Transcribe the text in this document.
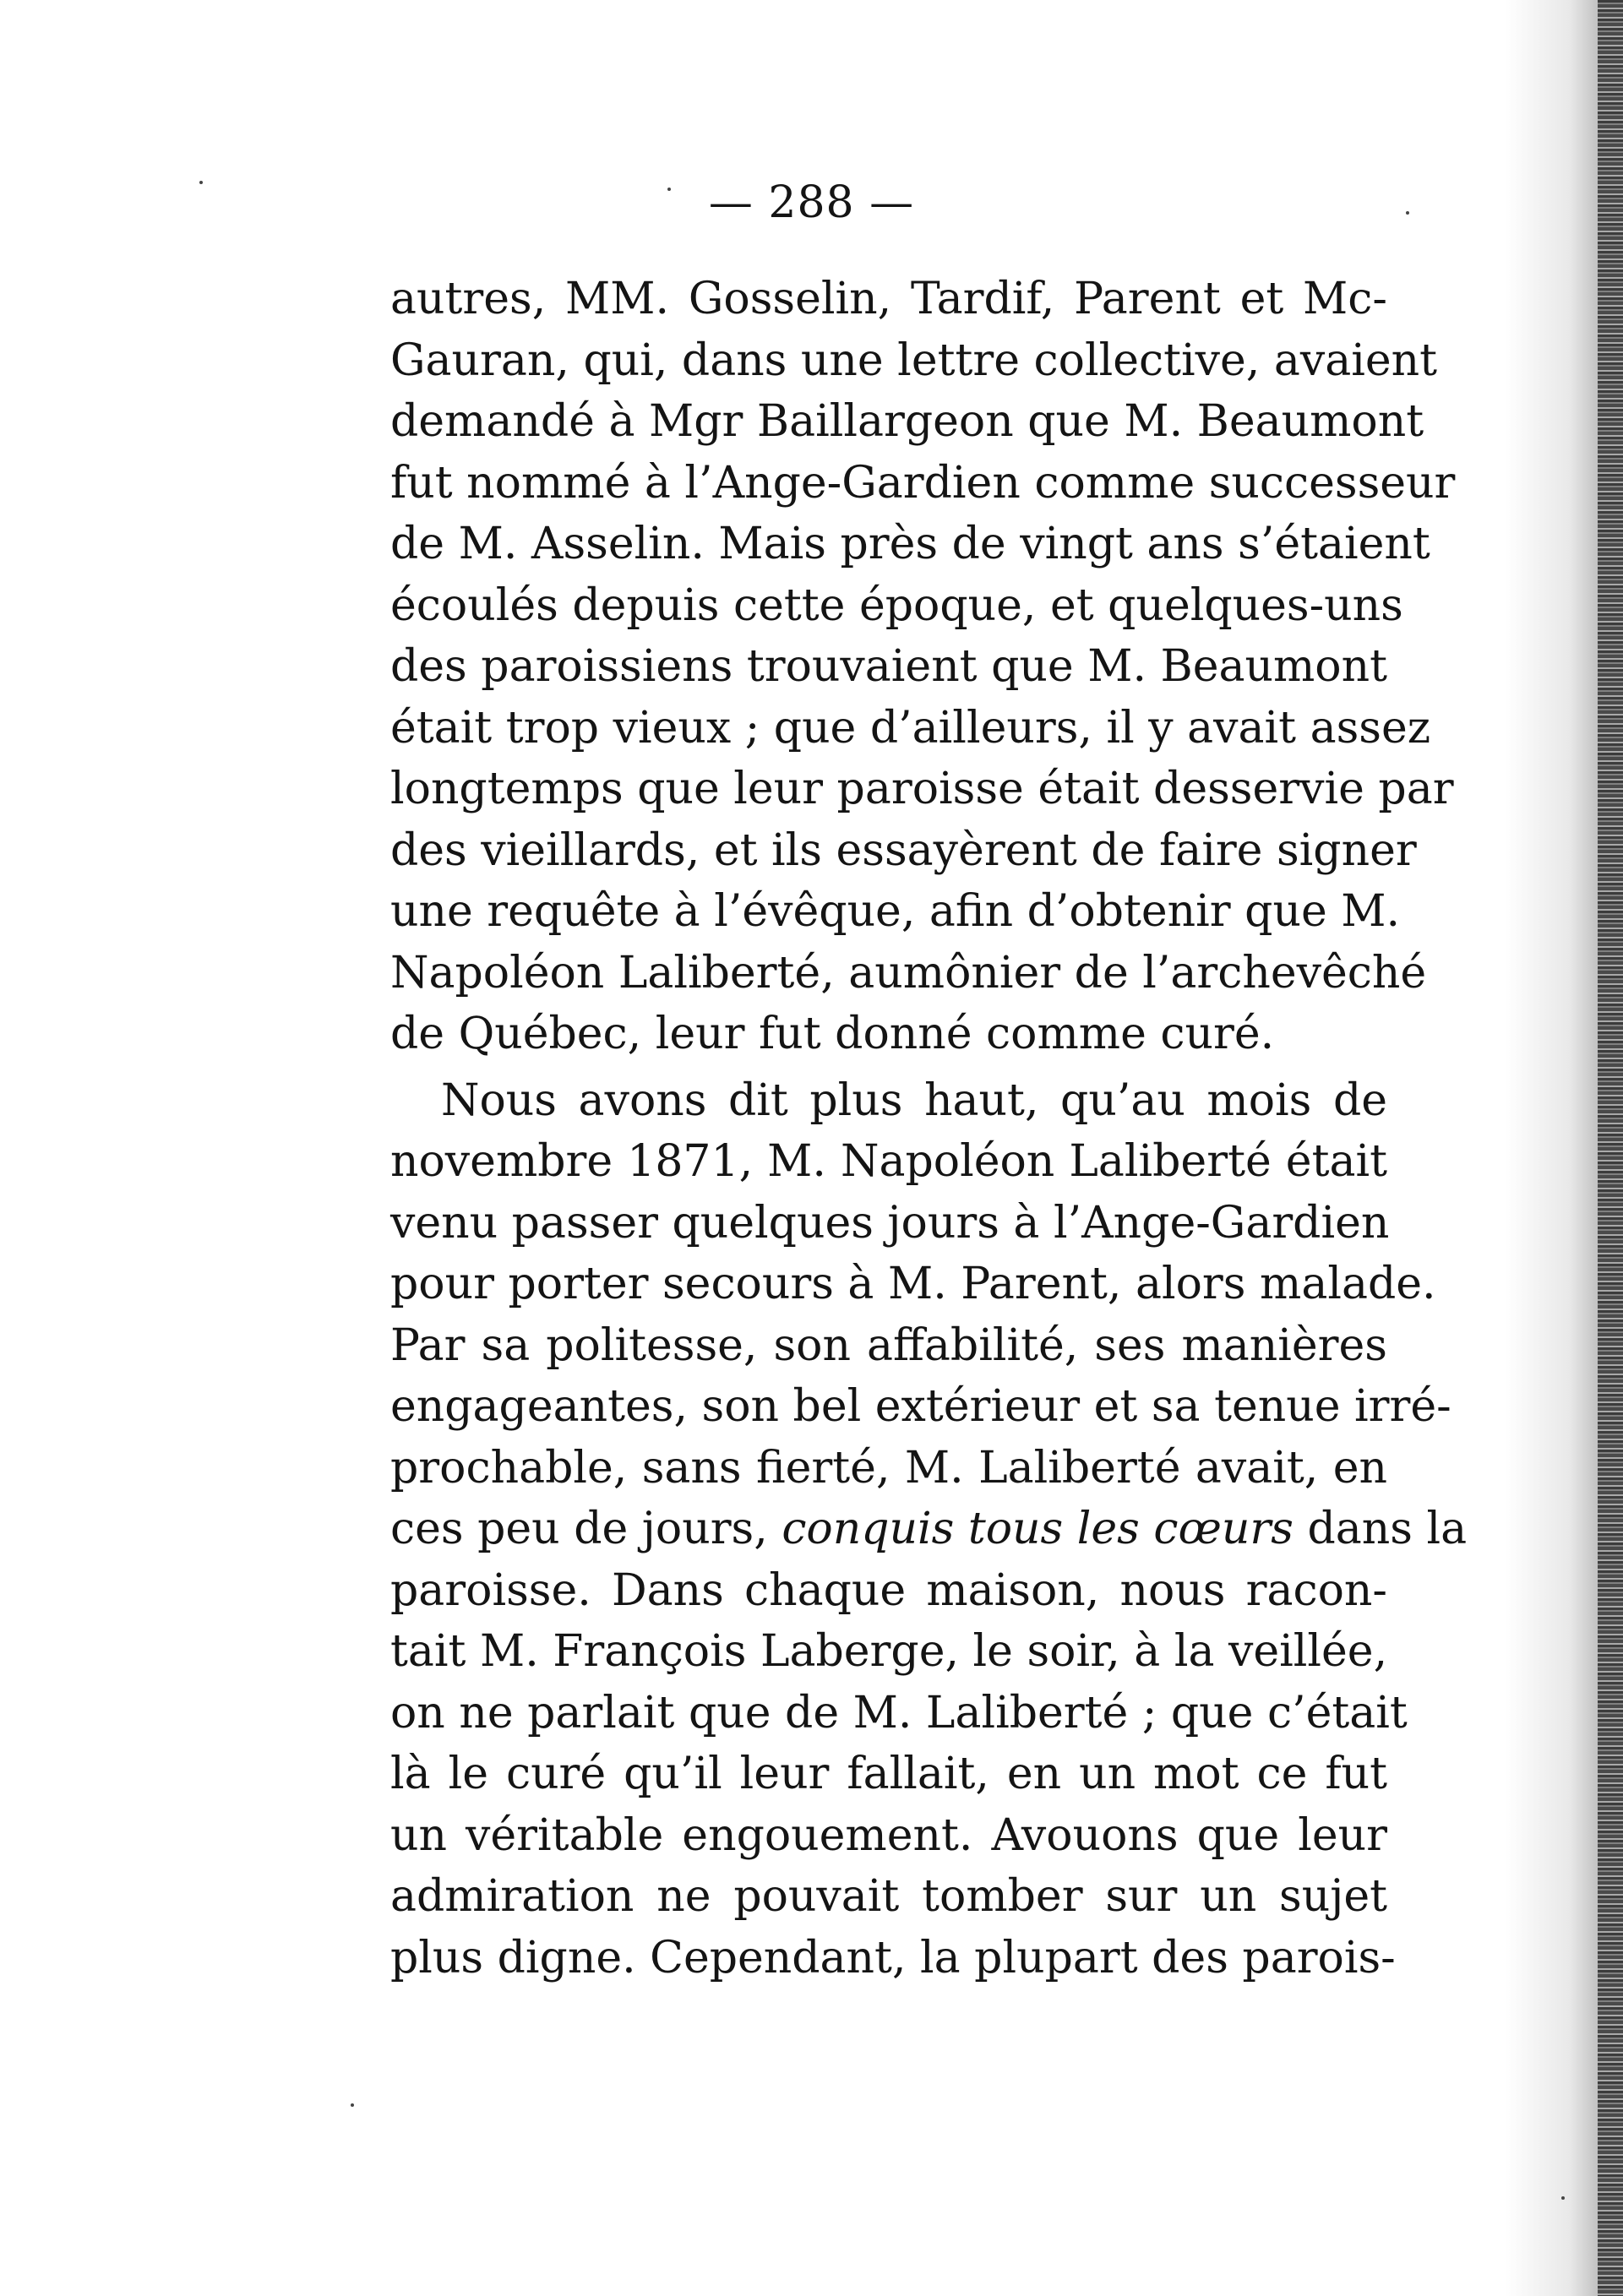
— 288 —
autres, MM. Gosselin, Tardif, Parent et Mc-
Gauran, qui, dans une lettre collective, avaient
demandé à Mgr Baillargeon que M. Beaumont
fut nommé à l’Ange-Gardien comme successeur
de M. Asselin. Mais près de vingt ans s’étaient
écoulés depuis cette époque, et quelques-uns
des paroissiens trouvaient que M. Beaumont
était trop vieux ; que d’ailleurs, il y avait assez
longtemps que leur paroisse était desservie par
des vieillards, et ils essayèrent de faire signer
une requête à l’évêque, afin d’obtenir que M.
Napoléon Laliberté, aumônier de l’archevêché
de Québec, leur fut donné comme curé.
Nous avons dit plus haut, qu’au mois de
novembre 1871, M. Napoléon Laliberté était
venu passer quelques jours à l’Ange-Gardien
pour porter secours à M. Parent, alors malade.
Par sa politesse, son affabilité, ses manières
engageantes, son bel extérieur et sa tenue irré-
prochable, sans fierté, M. Laliberté avait, en
ces peu de jours, conquis tous les cœurs dans la
paroisse. Dans chaque maison, nous racon-
tait M. François Laberge, le soir, à la veillée,
on ne parlait que de M. Laliberté ; que c’était
là le curé qu’il leur fallait, en un mot ce fut
un véritable engouement. Avouons que leur
admiration ne pouvait tomber sur un sujet
plus digne. Cependant, la plupart des parois-
